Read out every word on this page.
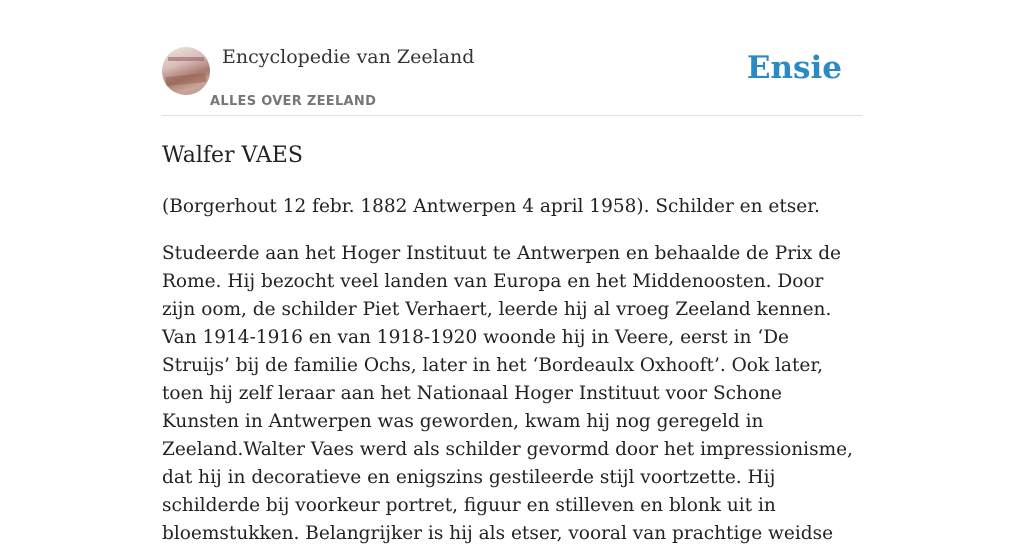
Encyclopedie van Zeeland
ALLES OVER ZEELAND
Ensie
Walfer VAES

(Borgerhout 12 febr. 1882 Antwerpen 4 april 1958). Schilder en etser.

Studeerde aan het Hoger Instituut te Antwerpen en behaalde de Prix de Rome. Hij bezocht veel landen van Europa en het Middenoosten. Door zijn oom, de schilder Piet Verhaert, leerde hij al vroeg Zeeland kennen. Van 1914-1916 en van 1918-1920 woonde hij in Veere, eerst in ‘De Struijs’ bij de familie Ochs, later in het ‘Bordeaulx Oxhooft’. Ook later, toen hij zelf leraar aan het Nationaal Hoger Instituut voor Schone Kunsten in Antwerpen was geworden, kwam hij nog geregeld in Zeeland.Walter Vaes werd als schilder gevormd door het impressionisme, dat hij in decoratieve en enigszins gestileerde stijl voortzette. Hij schilderde bij voorkeur portret, figuur en stilleven en blonk uit in bloemstukken. Belangrijker is hij als etser, vooral van prachtige weidse
